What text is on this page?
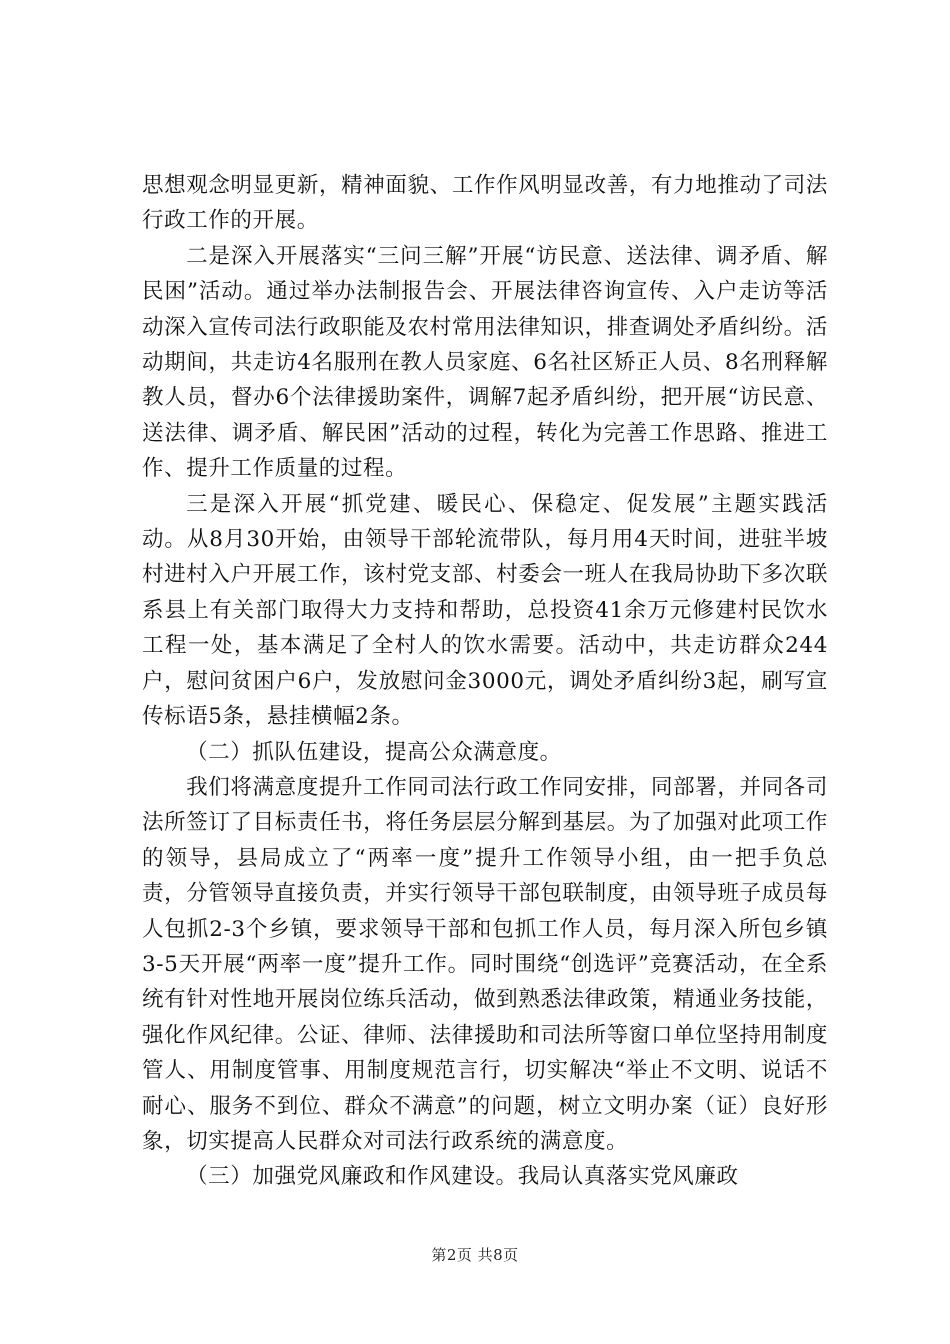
思想观念明显更新，精神面貌、工作作风明显改善，有力地推动了司法行政工作的开展。

二是深入开展落实“三问三解”开展“访民意、送法律、调矛盾、解民困”活动。通过举办法制报告会、开展法律咨询宣传、入户走访等活动深入宣传司法行政职能及农村常用法律知识，排查调处矛盾纠纷。活动期间，共走访4名服刑在教人员家庭、6名社区矫正人员、8名刑释解教人员，督办6个法律援助案件，调解7起矛盾纠纷，把开展“访民意、送法律、调矛盾、解民困”活动的过程，转化为完善工作思路、推进工作、提升工作质量的过程。

三是深入开展“抓党建、暖民心、保稳定、促发展”主题实践活动。从8月30开始，由领导干部轮流带队，每月用4天时间，进驻半坡村进村入户开展工作，该村党支部、村委会一班人在我局协助下多次联系县上有关部门取得大力支持和帮助，总投资41余万元修建村民饮水工程一处，基本满足了全村人的饮水需要。活动中，共走访群众244户，慰问贫困户6户，发放慰问金3000元，调处矛盾纠纷3起，刷写宣传标语5条，悬挂横幅2条。

（二）抓队伍建设，提高公众满意度。

我们将满意度提升工作同司法行政工作同安排，同部署，并同各司法所签订了目标责任书，将任务层层分解到基层。为了加强对此项工作的领导，县局成立了“两率一度”提升工作领导小组，由一把手负总责，分管领导直接负责，并实行领导干部包联制度，由领导班子成员每人包抓2-3个乡镇，要求领导干部和包抓工作人员，每月深入所包乡镇3-5天开展“两率一度”提升工作。同时围绕“创选评”竞赛活动，在全系统有针对性地开展岗位练兵活动，做到熟悉法律政策，精通业务技能，强化作风纪律。公证、律师、法律援助和司法所等窗口单位坚持用制度管人、用制度管事、用制度规范言行，切实解决“举止不文明、说话不耐心、服务不到位、群众不满意”的问题，树立文明办案（证）良好形象，切实提高人民群众对司法行政系统的满意度。

（三）加强党风廉政和作风建设。我局认真落实党风廉政

第2页 共8页
